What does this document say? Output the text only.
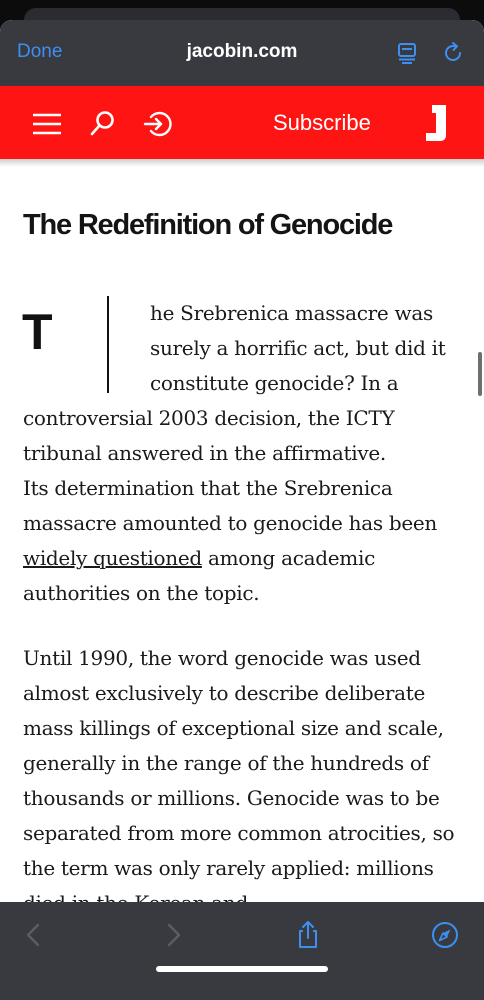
Done	jacobin.com
Subscribe
The Redefinition of Genocide
T	he Srebrenica massacre was
surely a horrific act, but did it
constitute genocide? In a

controversial 2003 decision, the ICTY tribunal answered in the affirmative.
Its determination that the Srebrenica massacre amounted to genocide has been widely questioned among academic authorities on the topic.

Until 1990, the word genocide was used almost exclusively to describe deliberate mass killings of exceptional size and scale, generally in the range of the hundreds of thousands or millions. Genocide was to be separated from more common atrocities, so the term was only rarely applied: millions
